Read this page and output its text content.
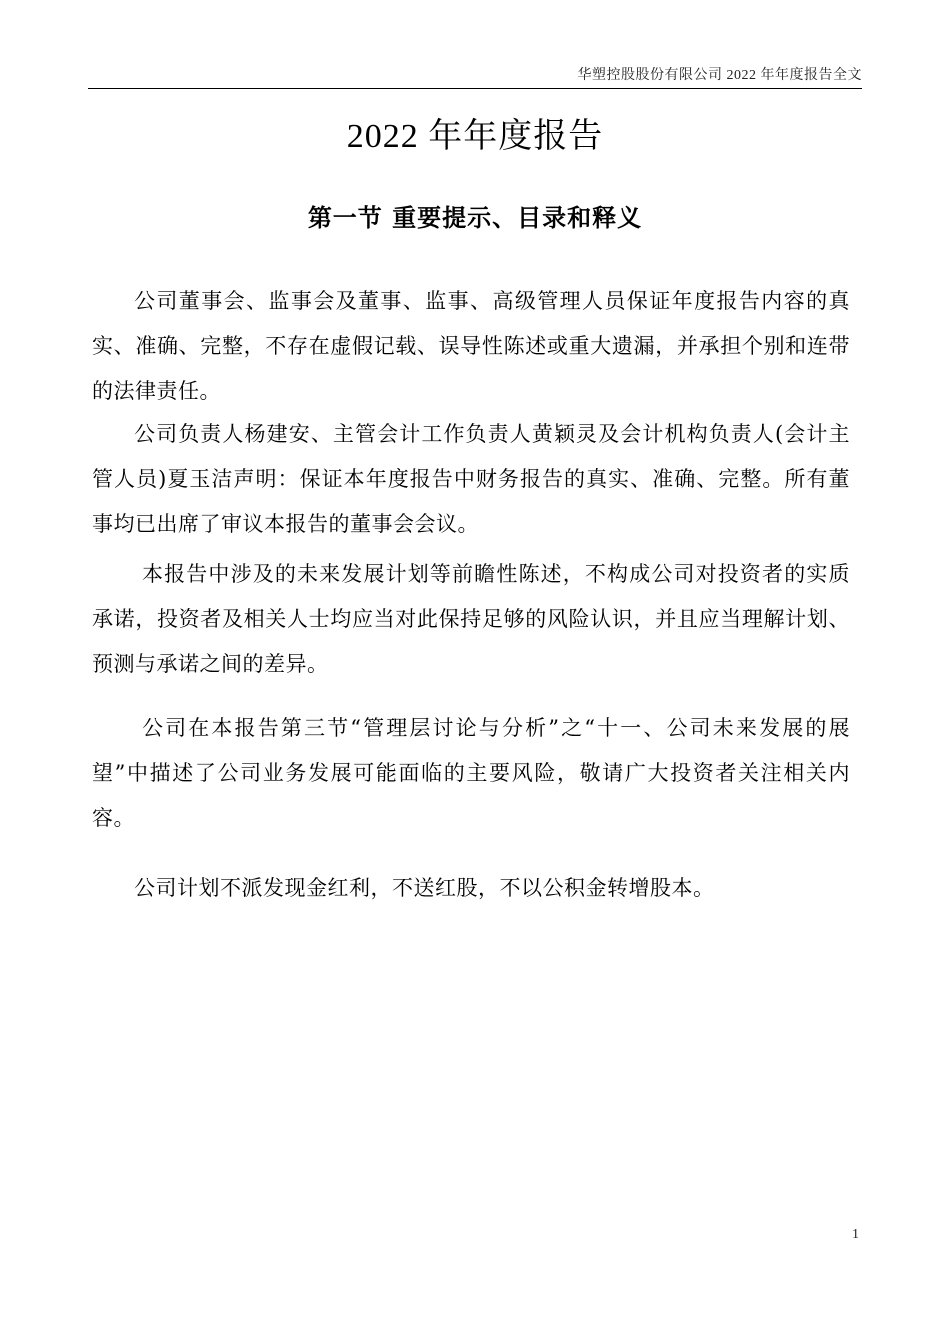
华塑控股股份有限公司 2022 年年度报告全文
2022 年年度报告
第一节 重要提示、目录和释义

公司董事会、监事会及董事、监事、高级管理人员保证年度报告内容的真实、准确、完整，不存在虚假记载、误导性陈述或重大遗漏，并承担个别和连带的法律责任。

公司负责人杨建安、主管会计工作负责人黄颖灵及会计机构负责人(会计主管人员)夏玉洁声明：保证本年度报告中财务报告的真实、准确、完整。所有董事均已出席了审议本报告的董事会会议。

本报告中涉及的未来发展计划等前瞻性陈述，不构成公司对投资者的实质承诺，投资者及相关人士均应当对此保持足够的风险认识，并且应当理解计划、预测与承诺之间的差异。

公司在本报告第三节“管理层讨论与分析”之“十一、公司未来发展的展望”中描述了公司业务发展可能面临的主要风险，敬请广大投资者关注相关内容。

公司计划不派发现金红利，不送红股，不以公积金转增股本。

1
